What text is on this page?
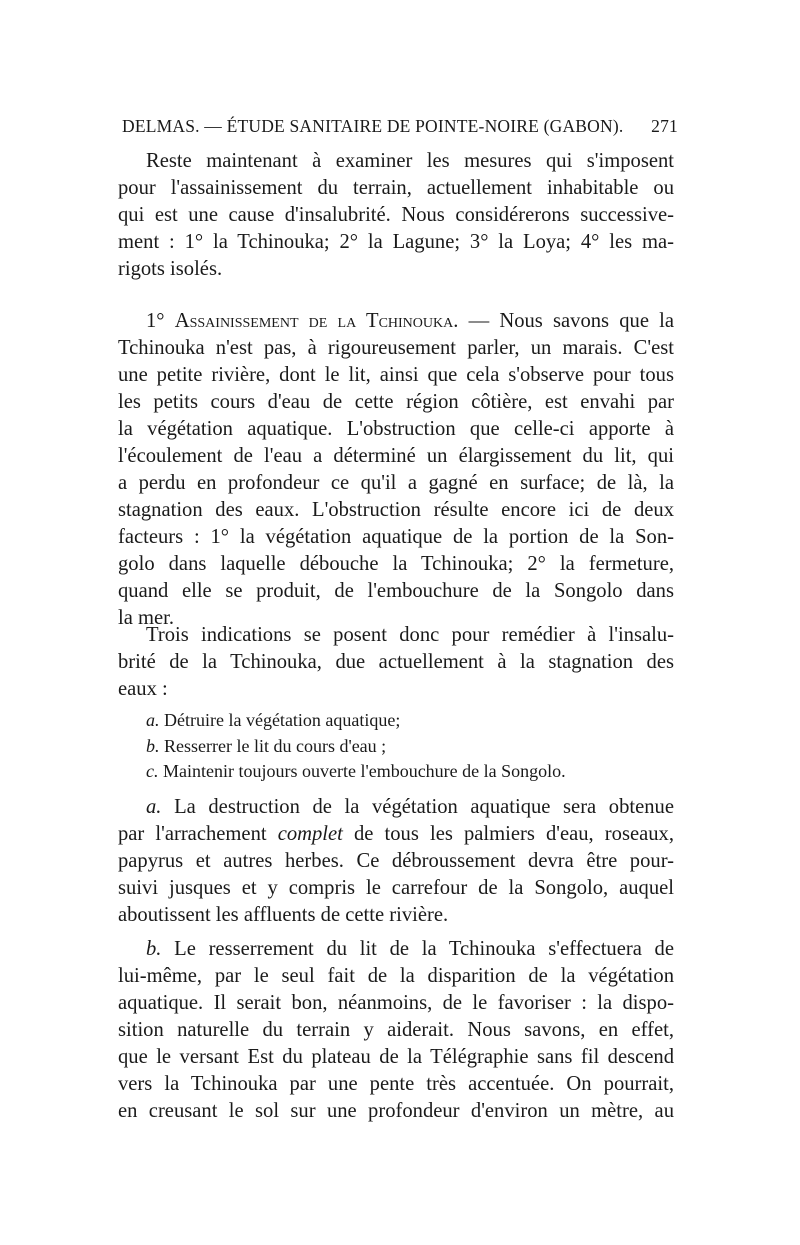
DELMAS. — ÉTUDE SANITAIRE DE POINTE-NOIRE (GABON). 271
Reste maintenant à examiner les mesures qui s'imposent
pour l'assainissement du terrain, actuellement inhabitable ou
qui est une cause d'insalubrité. Nous considérerons successive-
ment : 1° la Tchinouka; 2° la Lagune; 3° la Loya; 4° les ma-
rigots isolés.
1° Assainissement de la Tchinouka. — Nous savons que la
Tchinouka n'est pas, à rigoureusement parler, un marais. C'est
une petite rivière, dont le lit, ainsi que cela s'observe pour tous
les petits cours d'eau de cette région côtière, est envahi par
la végétation aquatique. L'obstruction que celle-ci apporte à
l'écoulement de l'eau a déterminé un élargissement du lit, qui
a perdu en profondeur ce qu'il a gagné en surface; de là, la
stagnation des eaux. L'obstruction résulte encore ici de deux
facteurs : 1° la végétation aquatique de la portion de la Son-
golo dans laquelle débouche la Tchinouka; 2° la fermeture,
quand elle se produit, de l'embouchure de la Songolo dans
la mer.
Trois indications se posent donc pour remédier à l'insalu-
brité de la Tchinouka, due actuellement à la stagnation des
eaux :
a. Détruire la végétation aquatique;
b. Resserrer le lit du cours d'eau ;
c. Maintenir toujours ouverte l'embouchure de la Songolo.
a. La destruction de la végétation aquatique sera obtenue
par l'arrachement complet de tous les palmiers d'eau, roseaux,
papyrus et autres herbes. Ce débroussement devra être pour-
suivi jusques et y compris le carrefour de la Songolo, auquel
aboutissent les affluents de cette rivière.
b. Le resserrement du lit de la Tchinouka s'effectuera de
lui-même, par le seul fait de la disparition de la végétation
aquatique. Il serait bon, néanmoins, de le favoriser : la dispo-
sition naturelle du terrain y aiderait. Nous savons, en effet,
que le versant Est du plateau de la Télégraphie sans fil descend
vers la Tchinouka par une pente très accentuée. On pourrait,
en creusant le sol sur une profondeur d'environ un mètre, au
